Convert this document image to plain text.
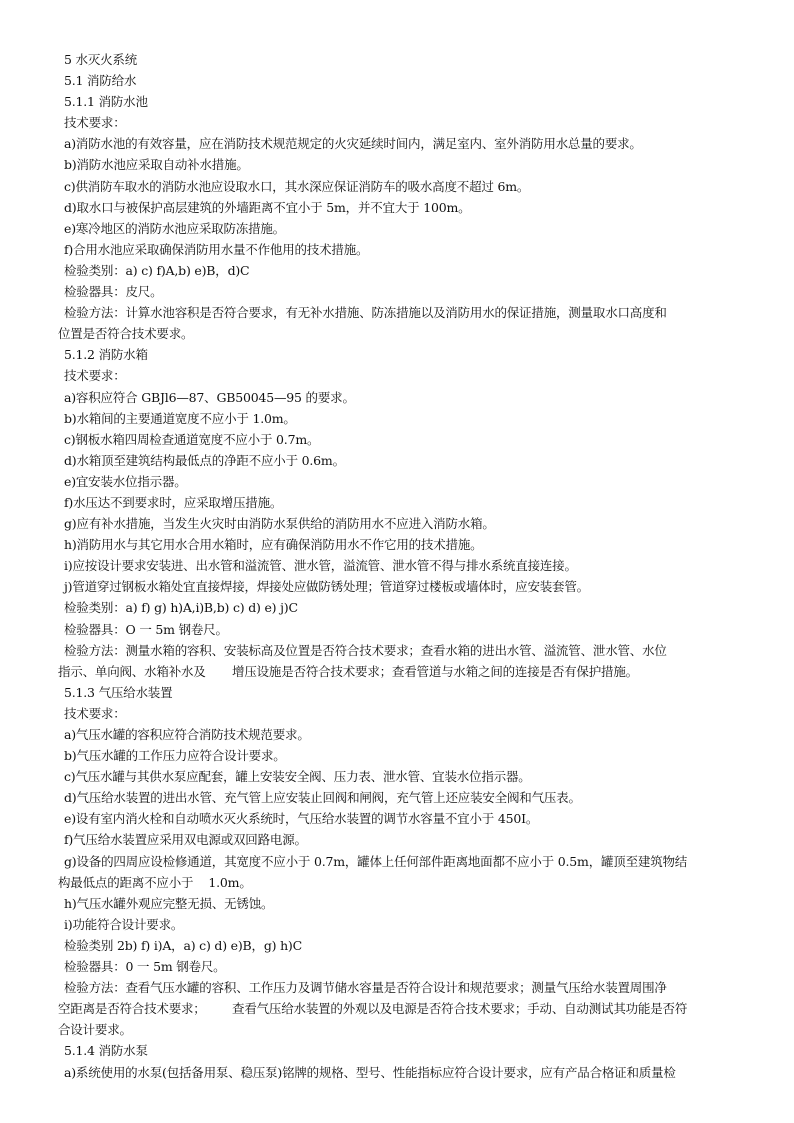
5 水灭火系统
5.1 消防给水
5.1.1 消防水池
技术要求：
a)消防水池的有效容量，应在消防技术规范规定的火灾延续时间内，满足室内、室外消防用水总量的要求。
b)消防水池应采取自动补水措施。
c)供消防车取水的消防水池应设取水口，其水深应保证消防车的吸水高度不超过 6m。
d)取水口与被保护高层建筑的外墙距离不宜小于 5m，并不宜大于 100m。
e)寒冷地区的消防水池应采取防冻措施。
f)合用水池应采取确保消防用水量不作他用的技术措施。
检验类别：a) c) f)A,b) e)B，d)C
检验器具：皮尺。
检验方法：计算水池容积是否符合要求，有无补水措施、防冻措施以及消防用水的保证措施，测量取水口高度和
位置是否符合技术要求。
5.1.2 消防水箱
技术要求：
a)容积应符合 GBJl6—87、GB50045—95 的要求。
b)水箱间的主要通道宽度不应小于 1.0m。
c)钢板水箱四周检查通道宽度不应小于 0.7m。
d)水箱顶至建筑结构最低点的净距不应小于 0.6m。
e)宜安装水位指示器。
f)水压达不到要求时，应采取增压措施。
g)应有补水措施，当发生火灾时由消防水泵供给的消防用水不应进入消防水箱。
h)消防用水与其它用水合用水箱时，应有确保消防用水不作它用的技术措施。
i)应按设计要求安装进、出水管和溢流管、泄水管，溢流管、泄水管不得与排水系统直接连接。
j)管道穿过钢板水箱处宜直接焊接，焊接处应做防锈处理；管道穿过楼板或墙体时，应安装套管。
检验类别：a) f) g) h)A,i)B,b) c) d) e) j)C
检验器具：O 一 5m 钢卷尺。
检验方法：测量水箱的容积、安装标高及位置是否符合技术要求；查看水箱的进出水管、溢流管、泄水管、水位
指示、单向阀、水箱补水及       增压设施是否符合技术要求；查看管道与水箱之间的连接是否有保护措施。
5.1.3 气压给水装置
技术要求：
a)气压水罐的容积应符合消防技术规范要求。
b)气压水罐的工作压力应符合设计要求。
c)气压水罐与其供水泵应配套，罐上安装安全阀、压力表、泄水管、宜装水位指示器。
d)气压给水装置的进出水管、充气管上应安装止回阀和闸阀，充气管上还应装安全阀和气压表。
e)设有室内消火栓和自动喷水灭火系统时，气压给水装置的调节水容量不宜小于 450I。
f)气压给水装置应采用双电源或双回路电源。
g)设备的四周应设检修通道，其宽度不应小于 0.7m，罐体上任何部件距离地面都不应小于 0.5m，罐顶至建筑物结
构最低点的距离不应小于    1.0m。
h)气压水罐外观应完整无损、无锈蚀。
i)功能符合设计要求。
检验类别 2b) f) i)A，a) c) d) e)B，g) h)C
检验器具：0 一 5m 钢卷尺。
检验方法：查看气压水罐的容积、工作压力及调节储水容量是否符合设计和规范要求；测量气压给水装置周围净
空距离是否符合技术要求；       查看气压给水装置的外观以及电源是否符合技术要求；手动、自动测试其功能是否符
合设计要求。
5.1.4 消防水泵
a)系统使用的水泵(包括备用泵、稳压泵)铭牌的规格、型号、性能指标应符合设计要求，应有产品合格证和质量检
